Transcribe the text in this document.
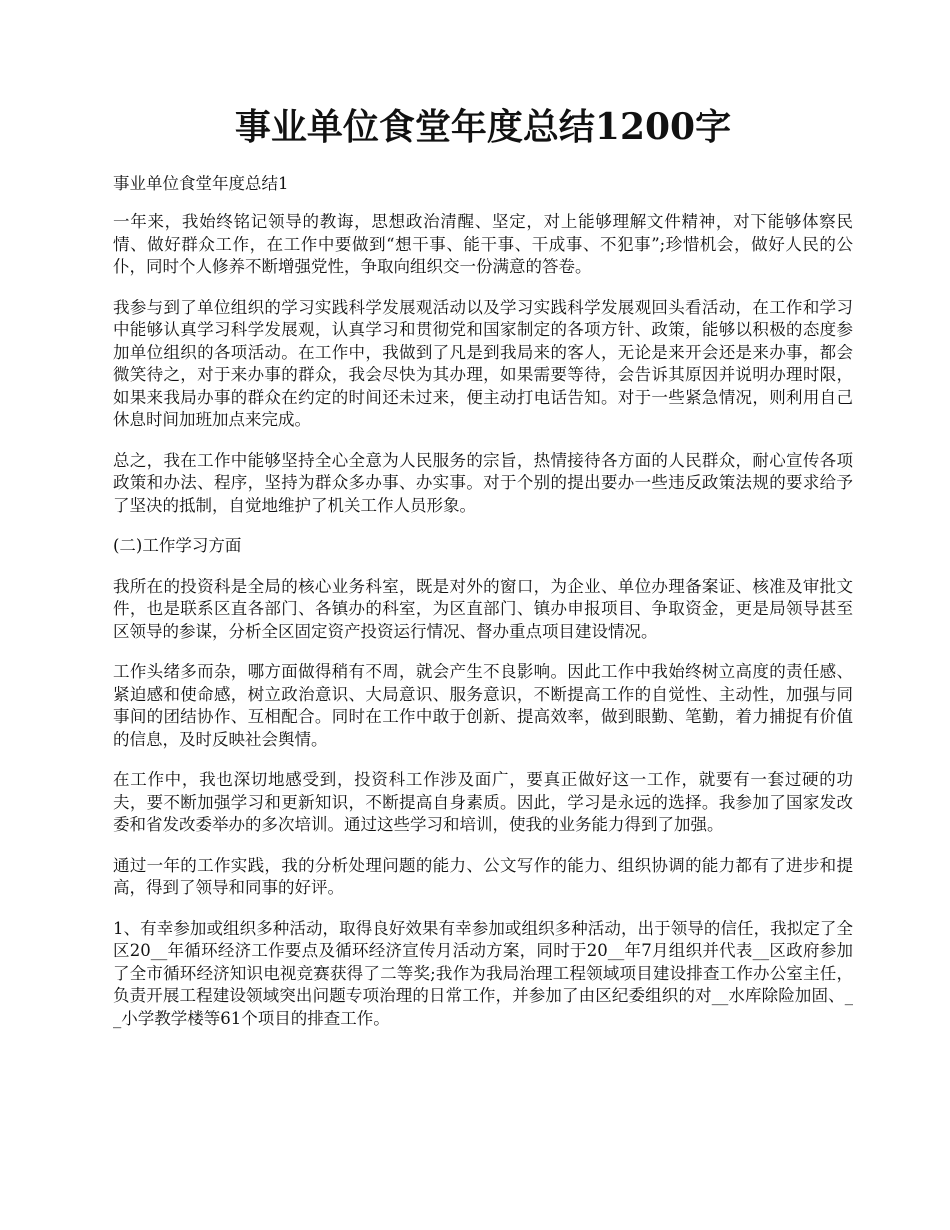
事业单位食堂年度总结1200字

事业单位食堂年度总结1

一年来，我始终铭记领导的教诲，思想政治清醒、坚定，对上能够理解文件精神，对下能够体察民情、做好群众工作，在工作中要做到“想干事、能干事、干成事、不犯事”;珍惜机会，做好人民的公仆，同时个人修养不断增强党性，争取向组织交一份满意的答卷。

我参与到了单位组织的学习实践科学发展观活动以及学习实践科学发展观回头看活动，在工作和学习中能够认真学习科学发展观，认真学习和贯彻党和国家制定的各项方针、政策，能够以积极的态度参加单位组织的各项活动。在工作中，我做到了凡是到我局来的客人，无论是来开会还是来办事，都会微笑待之，对于来办事的群众，我会尽快为其办理，如果需要等待，会告诉其原因并说明办理时限，如果来我局办事的群众在约定的时间还未过来，便主动打电话告知。对于一些紧急情况，则利用自己休息时间加班加点来完成。

总之，我在工作中能够坚持全心全意为人民服务的宗旨，热情接待各方面的人民群众，耐心宣传各项政策和办法、程序，坚持为群众多办事、办实事。对于个别的提出要办一些违反政策法规的要求给予了坚决的抵制，自觉地维护了机关工作人员形象。

(二)工作学习方面

我所在的投资科是全局的核心业务科室，既是对外的窗口，为企业、单位办理备案证、核准及审批文件，也是联系区直各部门、各镇办的科室，为区直部门、镇办申报项目、争取资金，更是局领导甚至区领导的参谋，分析全区固定资产投资运行情况、督办重点项目建设情况。

工作头绪多而杂，哪方面做得稍有不周，就会产生不良影响。因此工作中我始终树立高度的责任感、紧迫感和使命感，树立政治意识、大局意识、服务意识，不断提高工作的自觉性、主动性，加强与同事间的团结协作、互相配合。同时在工作中敢于创新、提高效率，做到眼勤、笔勤，着力捕捉有价值的信息，及时反映社会舆情。

在工作中，我也深切地感受到，投资科工作涉及面广，要真正做好这一工作，就要有一套过硬的功夫，要不断加强学习和更新知识，不断提高自身素质。因此，学习是永远的选择。我参加了国家发改委和省发改委举办的多次培训。通过这些学习和培训，使我的业务能力得到了加强。

通过一年的工作实践，我的分析处理问题的能力、公文写作的能力、组织协调的能力都有了进步和提高，得到了领导和同事的好评。

1、有幸参加或组织多种活动，取得良好效果有幸参加或组织多种活动，出于领导的信任，我拟定了全区20__年循环经济工作要点及循环经济宣传月活动方案，同时于20__年7月组织并代表__区政府参加了全市循环经济知识电视竞赛获得了二等奖;我作为我局治理工程领域项目建设排查工作办公室主任，负责开展工程建设领域突出问题专项治理的日常工作，并参加了由区纪委组织的对__水库除险加固、__小学教学楼等61个项目的排查工作。
